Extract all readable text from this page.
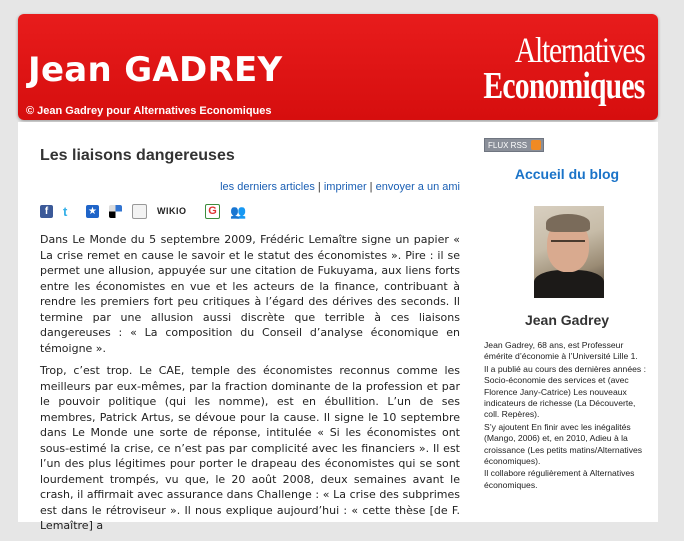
Jean GADREY
© Jean Gadrey pour Alternatives Economiques
Alternatives
Economiques
Les liaisons dangereuses
les derniers articles | imprimer | envoyer a un ami
f	t	★	WIKIO	G 👥

Dans Le Monde du 5 septembre 2009, Frédéric Lemaître signe un papier « La crise remet en cause le savoir et le statut des économistes ». Pire : il se permet une allusion, appuyée sur une citation de Fukuyama, aux liens forts entre les économistes en vue et les acteurs de la finance, contribuant à rendre les premiers fort peu critiques à l’égard des dérives des seconds. Il termine par une allusion aussi discrète que terrible à ces liaisons dangereuses : « La composition du Conseil d’analyse économique en témoigne ».

Trop, c’est trop. Le CAE, temple des économistes reconnus comme les meilleurs par eux-mêmes, par la fraction dominante de la profession et par le pouvoir politique (qui les nomme), est en ébullition. L’un de ses membres, Patrick Artus, se dévoue pour la cause. Il signe le 10 septembre dans Le Monde une sorte de réponse, intitulée « Si les économistes ont sous-estimé la crise, ce n’est pas par complicité avec les financiers ». Il est l’un des plus légitimes pour porter le drapeau des économistes qui se sont lourdement trompés, vu que, le 20 août 2008, deux semaines avant le crash, il affirmait avec assurance dans Challenge : « La crise des subprimes est dans le rétroviseur ». Il nous explique aujourd’hui : « cette thèse [de F. Lemaître] a

FLUX RSS
Accueil du blog
Jean Gadrey

Jean Gadrey, 68 ans, est Professeur émérite d’économie à l’Université Lille 1.

Il a publié au cours des dernières années : Socio-économie des services et (avec Florence Jany-Catrice) Les nouveaux indicateurs de richesse (La Découverte, coll. Repères).

S’y ajoutent En finir avec les inégalités (Mango, 2006) et, en 2010, Adieu à la croissance (Les petits matins/Alternatives économiques).

Il collabore régulièrement à Alternatives économiques.
